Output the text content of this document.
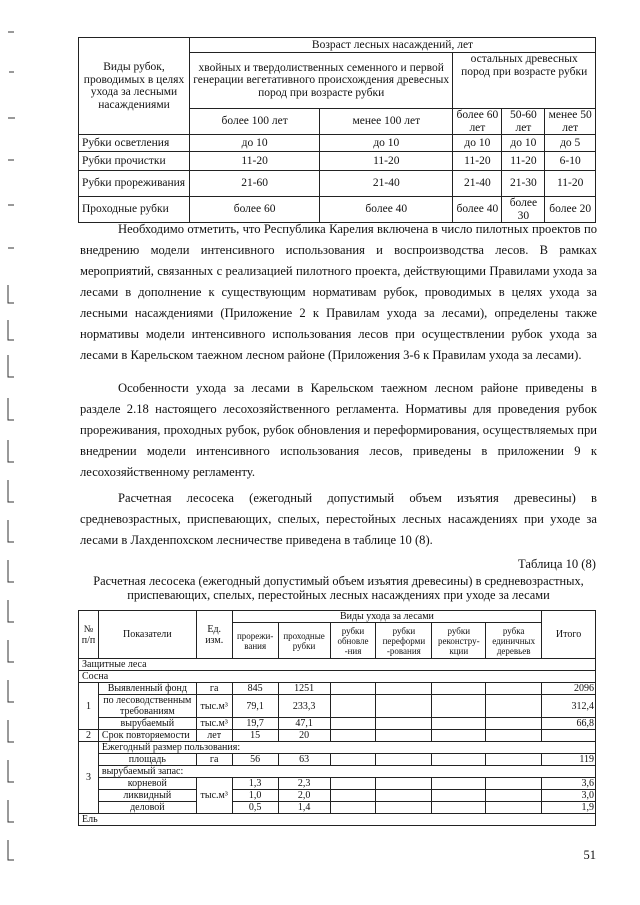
Виды рубок, проводимых в целях ухода за лесными насаждениями	Возраст лесных насаждений, лет				
	хвойных и твердолиственных семенного и первой генерации вегетативного происхождения древесных пород при возрасте рубки		остальных древесных пород при возрасте рубки		
	более 100 лет	менее 100 лет	более 60 лет	50-60 лет	менее 50 лет
Рубки осветления	до 10	до 10	до 10	до 10	до 5
Рубки прочистки	11-20	11-20	11-20	11-20	6-10
Рубки прореживания	21-60	21-40	21-40	21-30	11-20
Проходные рубки	более 60	более 40	более 40	более 30	более 20

Необходимо отметить, что Республика Карелия включена в число пилотных проектов по внедрению модели интенсивного использования и воспроизводства лесов. В рамках мероприятий, связанных с реализацией пилотного проекта, действующими Правилами ухода за лесами в дополнение к существующим нормативам рубок, проводимых в целях ухода за лесными насаждениями (Приложение 2 к Правилам ухода за лесами), определены также нормативы модели интенсивного использования лесов при осуществлении рубок ухода за лесами в Карельском таежном лесном районе (Приложения 3-6 к Правилам ухода за лесами).

Особенности ухода за лесами в Карельском таежном лесном районе приведены в разделе 2.18 настоящего лесохозяйственного регламента. Нормативы для проведения рубок прореживания, проходных рубок, рубок обновления и переформирования, осуществляемых при внедрении модели интенсивного использования лесов, приведены в приложении 9 к лесохозяйственному регламенту.

Расчетная лесосека (ежегодный допустимый объем изъятия древесины) в средневозрастных, приспевающих, спелых, перестойных лесных насаждениях при уходе за лесами в Лахденпохском лесничестве приведена в таблице 10 (8).

Таблица 10 (8)
Расчетная лесосека (ежегодный допустимый объем изъятия древесины) в средневозрастных, приспевающих, спелых, перестойных лесных насаждениях при уходе за лесами
№ п/п	Показатели	Ед. изм.	Виды ухода за лесами						Итого
			прорежи-вания	проходные рубки	рубки обновле -ния	рубки переформи -рования	рубки реконстру-кции	рубка единичных деревьев	
Защитные леса									
Сосна									
1	Выявленный фонд	га	845	1251					2096
	по лесоводственным требованиям	тыс.м³	79,1	233,3					312,4
	вырубаемый	тыс.м³	19,7	47,1					66,8
2	Срок повторяемости	лет	15	20					
3	Ежегодный размер пользования:								
	площадь	га	56	63					119
	вырубаемый запас:								
	корневой	тыс.м³	1,3	2,3					3,6
	ликвидный		1,0	2,0					3,0
	деловой		0,5	1,4					1,9
Ель									
51
